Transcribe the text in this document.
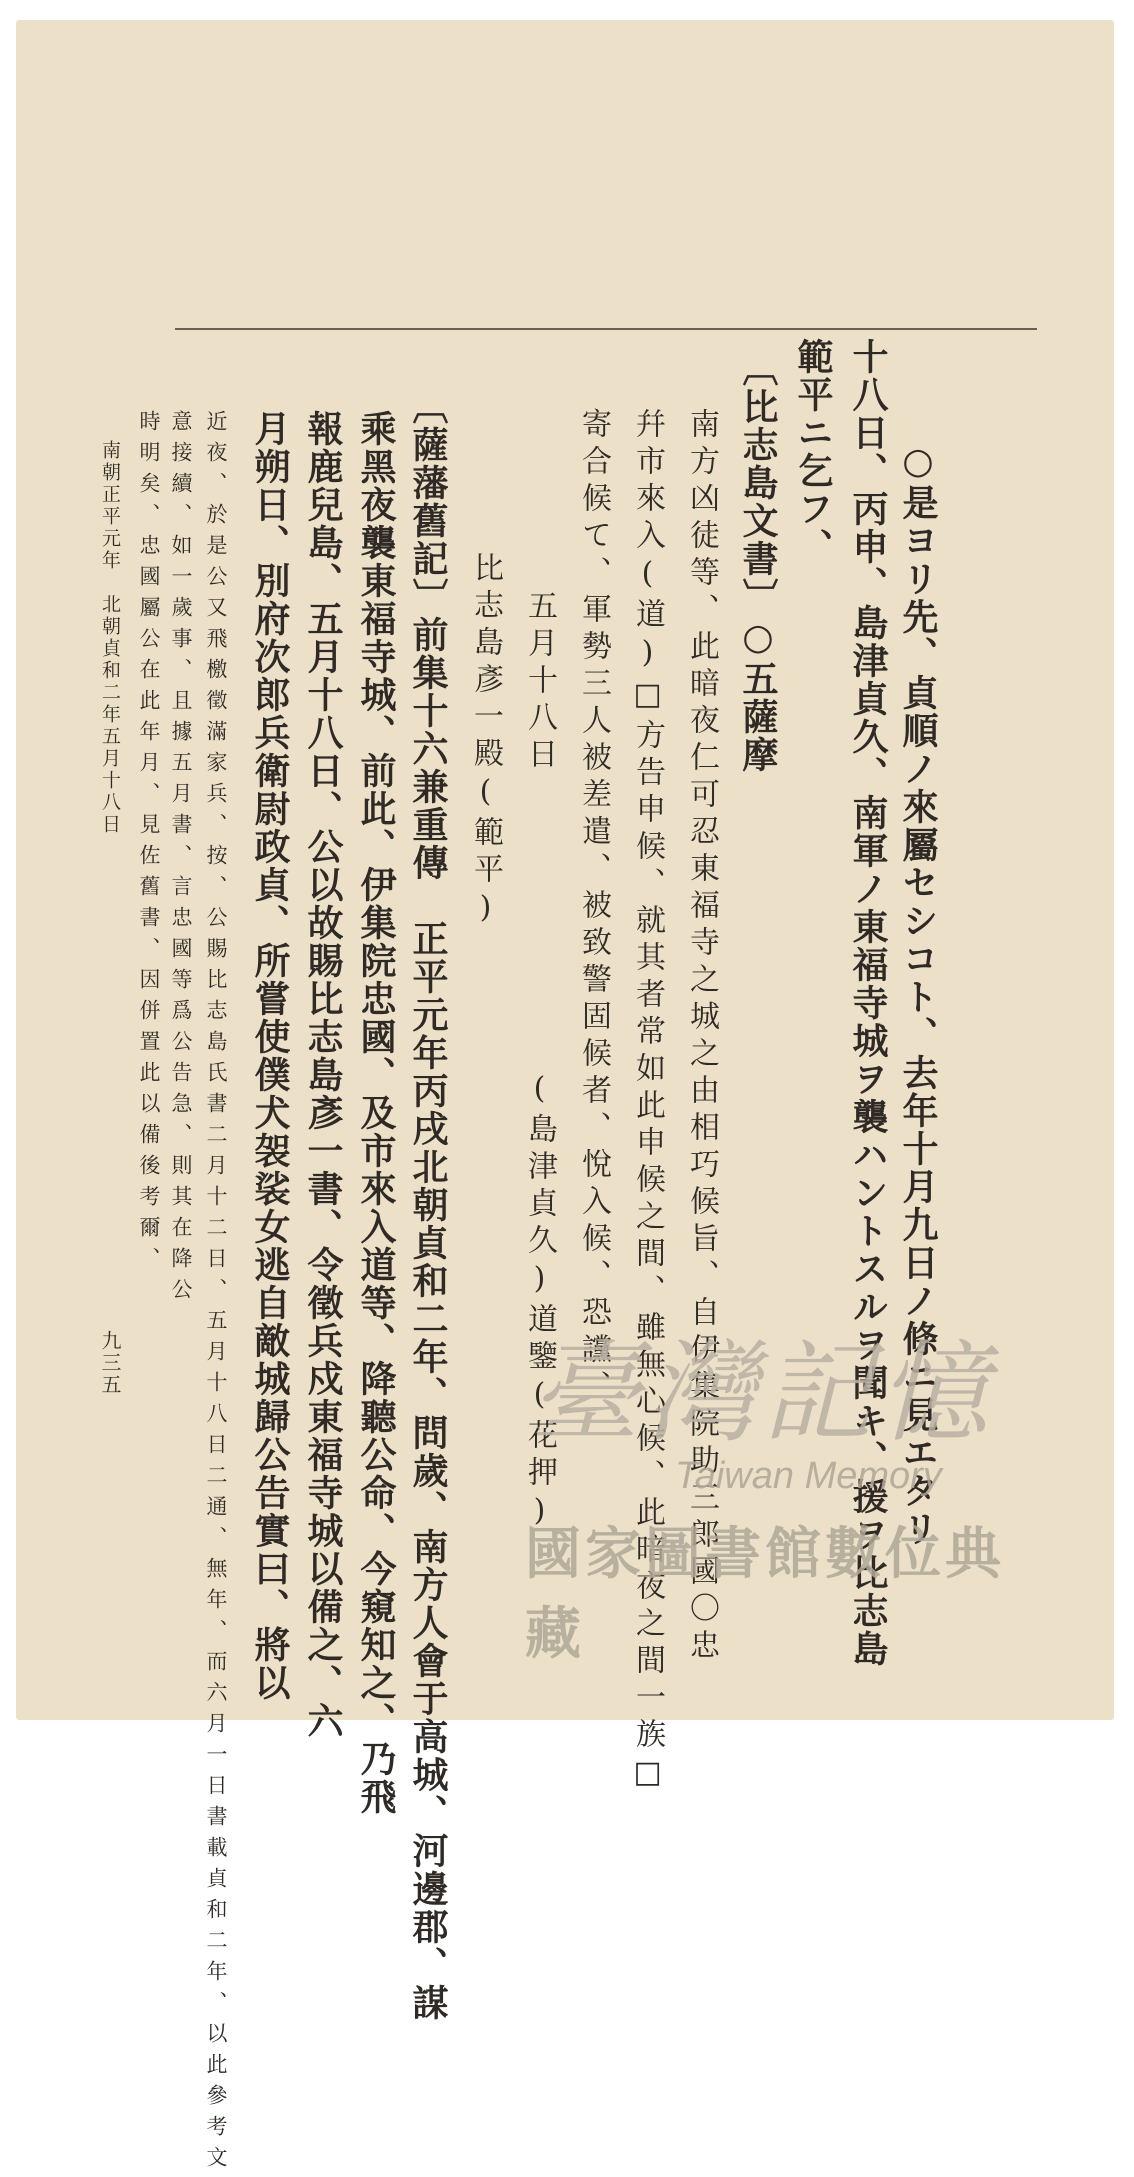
○是ヨリ先、貞順ノ來屬セシコト、去年十月九日ノ條ニ見エタリ
十八日、丙申、島津貞久、南軍ノ東福寺城ヲ襲ハントスルヲ聞キ、援ヲ比志島
範平ニ乞フ、
〔比志島文書〕○五薩摩
南方凶徒等、此暗夜仁可忍東福寺之城之由相巧候旨、自伊集院助三郎國〇忠
幷市來入(道)□方告申候、就其者常如此申候之間、雖無心候、此暗夜之間一族□
寄合候て、軍勢三人被差遣、被致警固候者、悅入候、恐讜、
五月十八日　　　　　　　　(島津貞久)道鑒(花押)
比志島彥一殿(範平)
〔薩藩舊記〕前集十六兼重傳　正平元年丙戌北朝貞和二年、問歲、南方人會于高城、河邊郡、謀
乘黑夜襲東福寺城、前此、伊集院忠國、及市來入道等、降聽公命、今窺知之、乃飛
報鹿兒島、五月十八日、公以故賜比志島彥一書、令徵兵戍東福寺城以備之、六
月朔日、別府次郎兵衛尉政貞、所嘗使僕犬袈裟女逃自敵城歸公告實曰、將以
近夜、於是公又飛檄徵滿家兵、按、公賜比志島氏書二月十二日、五月十八日二通、無年、而六月一日書載貞和二年、以此參考文
意接續、如一歲事、且據五月書、言忠國等爲公告急、則其在降公
時明矣、忠國屬公在此年月、見佐舊書、因併置此以備後考爾、
南朝正平元年　北朝貞和二年五月十八日
九三五	臺灣記憶
Taiwan Memory
國家圖書館數位典藏
